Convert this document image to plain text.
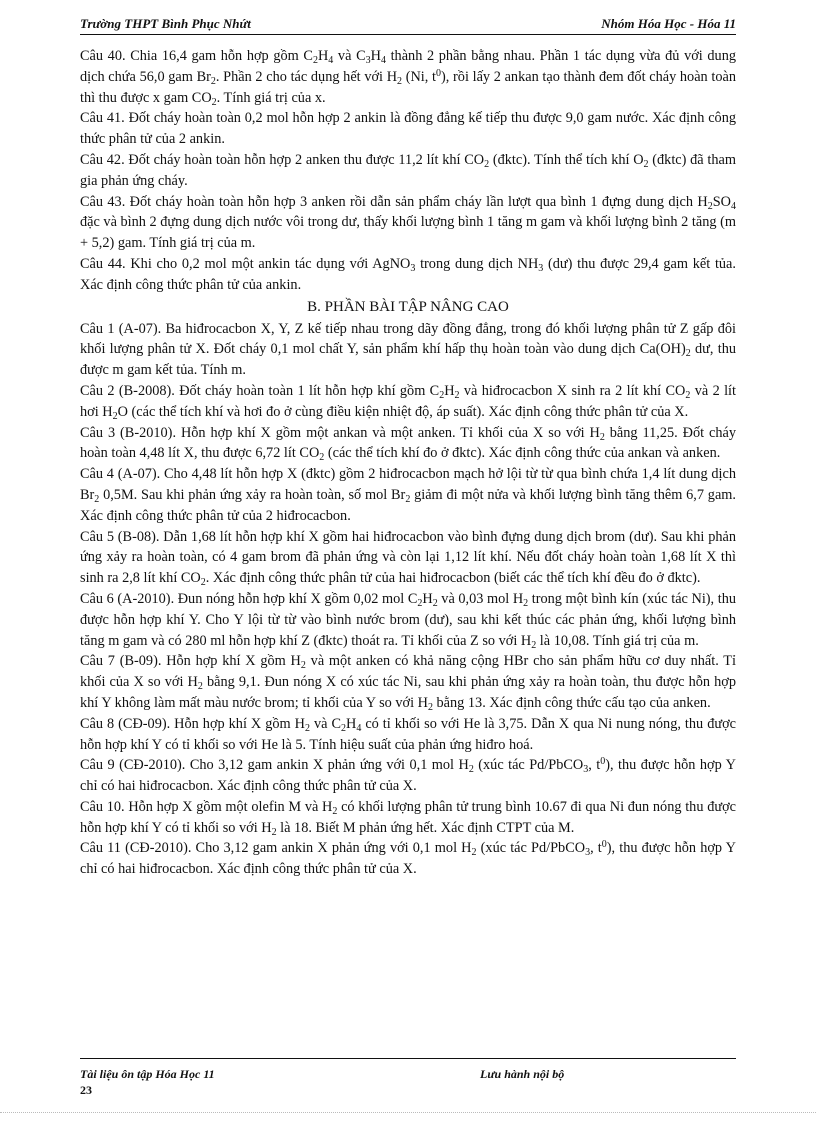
Trường THPT Bình Phục Nhứt	Nhóm Hóa Học - Hóa 11

Câu 40. Chia 16,4 gam hỗn hợp gồm $C_2H_4$ và $C_3H_4$ thành 2 phần bằng nhau. Phần 1 tác dụng vừa đủ với dung dịch chứa 56,0 gam $Br_2$. Phần 2 cho tác dụng hết với $H_2$ (Ni, $t^0$), rồi lấy 2 ankan tạo thành đem đốt cháy hoàn toàn thì thu được x gam $CO_2$. Tính giá trị của x.

Câu 41. Đốt cháy hoàn toàn 0,2 mol hỗn hợp 2 ankin là đồng đẳng kế tiếp thu được 9,0 gam nước. Xác định công thức phân tử của 2 ankin.

Câu 42. Đốt cháy hoàn toàn hỗn hợp 2 anken thu được 11,2 lít khí $CO_2$ (đktc). Tính thể tích khí $O_2$ (đktc) đã tham gia phản ứng cháy.

Câu 43. Đốt cháy hoàn toàn hỗn hợp 3 anken rồi dẫn sản phẩm cháy lần lượt qua bình 1 đựng dung dịch $H_2SO_4$ đặc và bình 2 đựng dung dịch nước vôi trong dư, thấy khối lượng bình 1 tăng m gam và khối lượng bình 2 tăng (m + 5,2) gam. Tính giá trị của m.

Câu 44. Khi cho 0,2 mol một ankin tác dụng với AgNO$_3$ trong dung dịch $NH_3$ (dư) thu được 29,4 gam kết tủa. Xác định công thức phân tử của ankin.

B. PHẦN BÀI TẬP NÂNG CAO

Câu 1 (A-07). Ba hiđrocacbon X, Y, Z kế tiếp nhau trong dãy đồng đẳng, trong đó khối lượng phân tử Z gấp đôi khối lượng phân tử X. Đốt cháy 0,1 mol chất Y, sản phẩm khí hấp thụ hoàn toàn vào dung dịch $Ca(OH)_2$ dư, thu được m gam kết tủa. Tính m.

Câu 2 (B-2008). Đốt cháy hoàn toàn 1 lít hỗn hợp khí gồm $C_2H_2$ và hiđrocacbon X sinh ra 2 lít khí $CO_2$ và 2 lít hơi $H_2O$ (các thể tích khí và hơi đo ở cùng điều kiện nhiệt độ, áp suất). Xác định công thức phân tử của X.

Câu 3 (B-2010). Hỗn hợp khí X gồm một ankan và một anken. Tỉ khối của X so với $H_2$ bằng 11,25. Đốt cháy hoàn toàn 4,48 lít X, thu được 6,72 lít $CO_2$ (các thể tích khí đo ở đktc). Xác định công thức của ankan và anken.

Câu 4 (A-07). Cho 4,48 lít hỗn hợp X (đktc) gồm 2 hiđrocacbon mạch hở lội từ từ qua bình chứa 1,4 lít dung dịch $Br_2$ 0,5M. Sau khi phản ứng xảy ra hoàn toàn, số mol $Br_2$ giảm đi một nửa và khối lượng bình tăng thêm 6,7 gam. Xác định công thức phân tử của 2 hiđrocacbon.

Câu 5 (B-08). Dẫn 1,68 lít hỗn hợp khí X gồm hai hiđrocacbon vào bình đựng dung dịch brom (dư). Sau khi phản ứng xảy ra hoàn toàn, có 4 gam brom đã phản ứng và còn lại 1,12 lít khí. Nếu đốt cháy hoàn toàn 1,68 lít X thì sinh ra 2,8 lít khí $CO_2$. Xác định công thức phân tử của hai hiđrocacbon (biết các thể tích khí đều đo ở đktc).

Câu 6 (A-2010). Đun nóng hỗn hợp khí X gồm 0,02 mol $C_2H_2$ và 0,03 mol $H_2$ trong một bình kín (xúc tác Ni), thu được hỗn hợp khí Y. Cho Y lội từ từ vào bình nước brom (dư), sau khi kết thúc các phản ứng, khối lượng bình tăng m gam và có 280 ml hỗn hợp khí Z (đktc) thoát ra. Tỉ khối của Z so với $H_2$ là 10,08. Tính giá trị của m.

Câu 7 (B-09). Hỗn hợp khí X gồm $H_2$ và một anken có khả năng cộng HBr cho sản phẩm hữu cơ duy nhất. Tỉ khối của X so với $H_2$ bằng 9,1. Đun nóng X có xúc tác Ni, sau khi phản ứng xảy ra hoàn toàn, thu được hỗn hợp khí Y không làm mất màu nước brom; tỉ khối của Y so với $H_2$ bằng 13. Xác định công thức cấu tạo của anken.

Câu 8 (CĐ-09). Hỗn hợp khí X gồm $H_2$ và $C_2H_4$ có tỉ khối so với He là 3,75. Dẫn X qua Ni nung nóng, thu được hỗn hợp khí Y có tỉ khối so với He là 5. Tính hiệu suất của phản ứng hiđro hoá.

Câu 9 (CĐ-2010). Cho 3,12 gam ankin X phản ứng với 0,1 mol $H_2$ (xúc tác Pd/PbCO$_3$, $t^0$), thu được hỗn hợp Y chỉ có hai hiđrocacbon. Xác định công thức phân tử của X.

Câu 10. Hỗn hợp X gồm một olefin M và $H_2$ có khối lượng phân tử trung bình 10.67 đi qua Ni đun nóng thu được hỗn hợp khí Y có tỉ khối so với $H_2$ là 18. Biết M phản ứng hết. Xác định CTPT của M.

Câu 11 (CĐ-2010). Cho 3,12 gam ankin X phản ứng với 0,1 mol $H_2$ (xúc tác Pd/PbCO$_3$, $t^0$), thu được hỗn hợp Y chỉ có hai hiđrocacbon. Xác định công thức phân tử của X.

Tài liệu ôn tập Hóa Học 11	Lưu hành nội bộ
23
